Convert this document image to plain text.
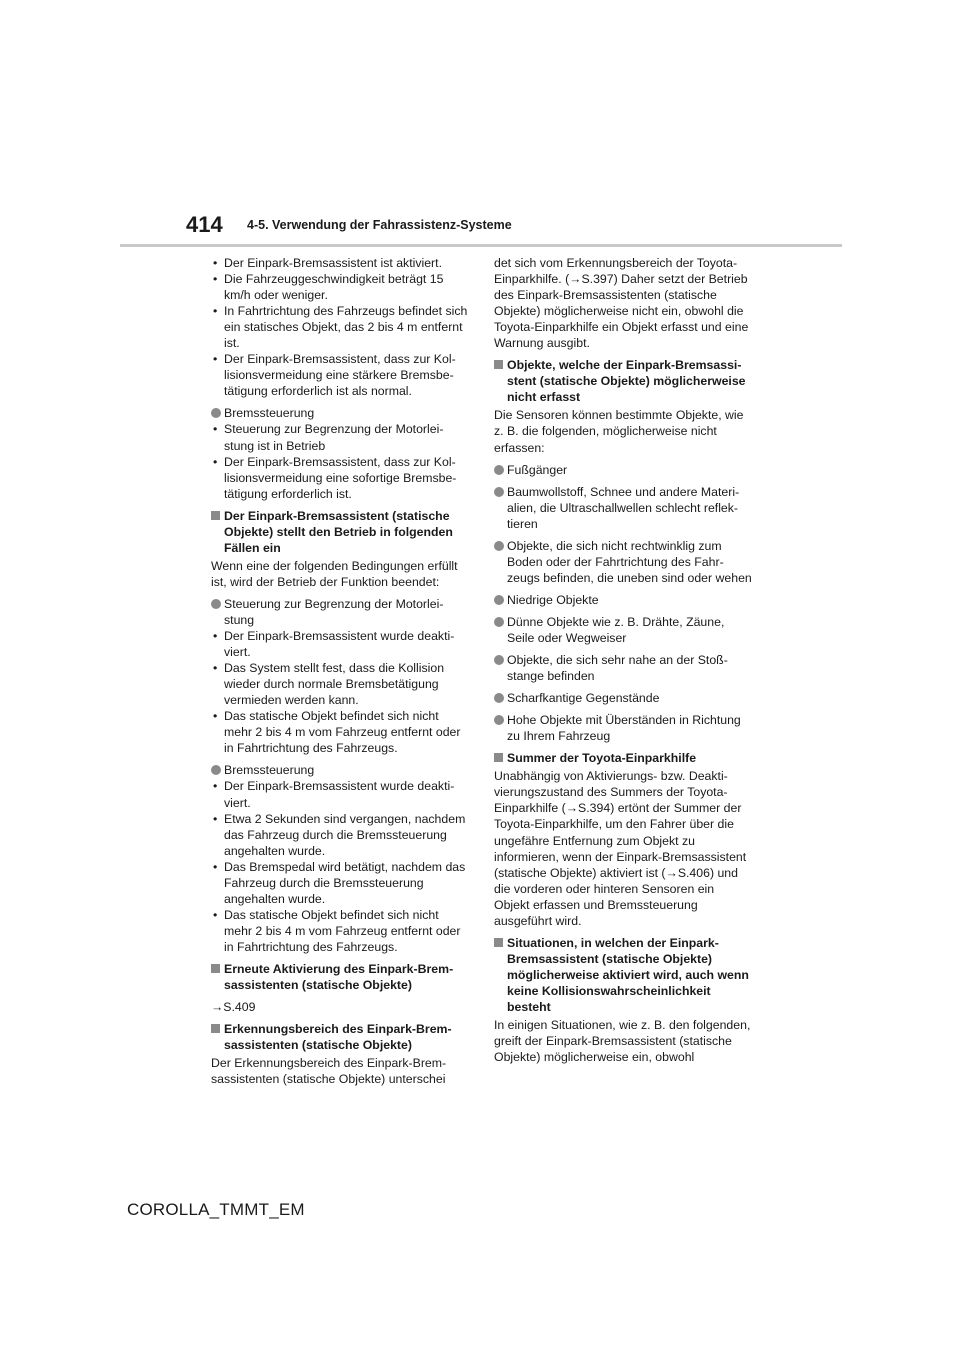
414 4-5. Verwendung der Fahrassistenz-Systeme
• Der Einpark-Bremsassistent ist aktiviert.
• Die Fahrzeuggeschwindigkeit beträgt 15 km/h oder weniger.
• In Fahrtrichtung des Fahrzeugs befindet sich ein statisches Objekt, das 2 bis 4 m entfernt ist.
• Der Einpark-Bremsassistent, dass zur Kollisionsvermeidung eine stärkere Bremsbetätigung erforderlich ist als normal.
Bremssteuerung
• Steuerung zur Begrenzung der Motorleistung ist in Betrieb
• Der Einpark-Bremsassistent, dass zur Kollisionsvermeidung eine sofortige Bremsbetätigung erforderlich ist.
Der Einpark-Bremsassistent (statische Objekte) stellt den Betrieb in folgenden Fällen ein
Wenn eine der folgenden Bedingungen erfüllt ist, wird der Betrieb der Funktion beendet:
Steuerung zur Begrenzung der Motorleistung
• Der Einpark-Bremsassistent wurde deaktiviert.
• Das System stellt fest, dass die Kollision wieder durch normale Bremsbetätigung vermieden werden kann.
• Das statische Objekt befindet sich nicht mehr 2 bis 4 m vom Fahrzeug entfernt oder in Fahrtrichtung des Fahrzeugs.
Bremssteuerung
• Der Einpark-Bremsassistent wurde deaktiviert.
• Etwa 2 Sekunden sind vergangen, nachdem das Fahrzeug durch die Bremssteuerung angehalten wurde.
• Das Bremspedal wird betätigt, nachdem das Fahrzeug durch die Bremssteuerung angehalten wurde.
• Das statische Objekt befindet sich nicht mehr 2 bis 4 m vom Fahrzeug entfernt oder in Fahrtrichtung des Fahrzeugs.
Erneute Aktivierung des Einpark-Bremsassistenten (statische Objekte)
→S.409
Erkennungsbereich des Einpark-Bremsassistenten (statische Objekte)
Der Erkennungsbereich des Einpark-Bremsassistenten (statische Objekte) unterschei
det sich vom Erkennungsbereich der Toyota-Einparkhilfe. (→S.397) Daher setzt der Betrieb des Einpark-Bremsassistenten (statische Objekte) möglicherweise nicht ein, obwohl die Toyota-Einparkhilfe ein Objekt erfasst und eine Warnung ausgibt.
Objekte, welche der Einpark-Bremsassistent (statische Objekte) möglicherweise nicht erfasst
Die Sensoren können bestimmte Objekte, wie z. B. die folgenden, möglicherweise nicht erfassen:
Fußgänger
Baumwollstoff, Schnee und andere Materialien, die Ultraschallwellen schlecht reflektieren
Objekte, die sich nicht rechtwinklig zum Boden oder der Fahrtrichtung des Fahrzeugs befinden, die uneben sind oder wehen
Niedrige Objekte
Dünne Objekte wie z. B. Drähte, Zäune, Seile oder Wegweiser
Objekte, die sich sehr nahe an der Stoßstange befinden
Scharfkantige Gegenstände
Hohe Objekte mit Überständen in Richtung zu Ihrem Fahrzeug
Summer der Toyota-Einparkhilfe
Unabhängig von Aktivierungs- bzw. Deaktivierungszustand des Summers der Toyota-Einparkhilfe (→S.394) ertönt der Summer der Toyota-Einparkhilfe, um den Fahrer über die ungefähre Entfernung zum Objekt zu informieren, wenn der Einpark-Bremsassistent (statische Objekte) aktiviert ist (→S.406) und die vorderen oder hinteren Sensoren ein Objekt erfassen und Bremssteuerung ausgeführt wird.
Situationen, in welchen der Einpark-Bremsassistent (statische Objekte) möglicherweise aktiviert wird, auch wenn keine Kollisionswahrscheinlichkeit besteht
In einigen Situationen, wie z. B. den folgenden, greift der Einpark-Bremsassistent (statische Objekte) möglicherweise ein, obwohl
COROLLA_TMMT_EM
